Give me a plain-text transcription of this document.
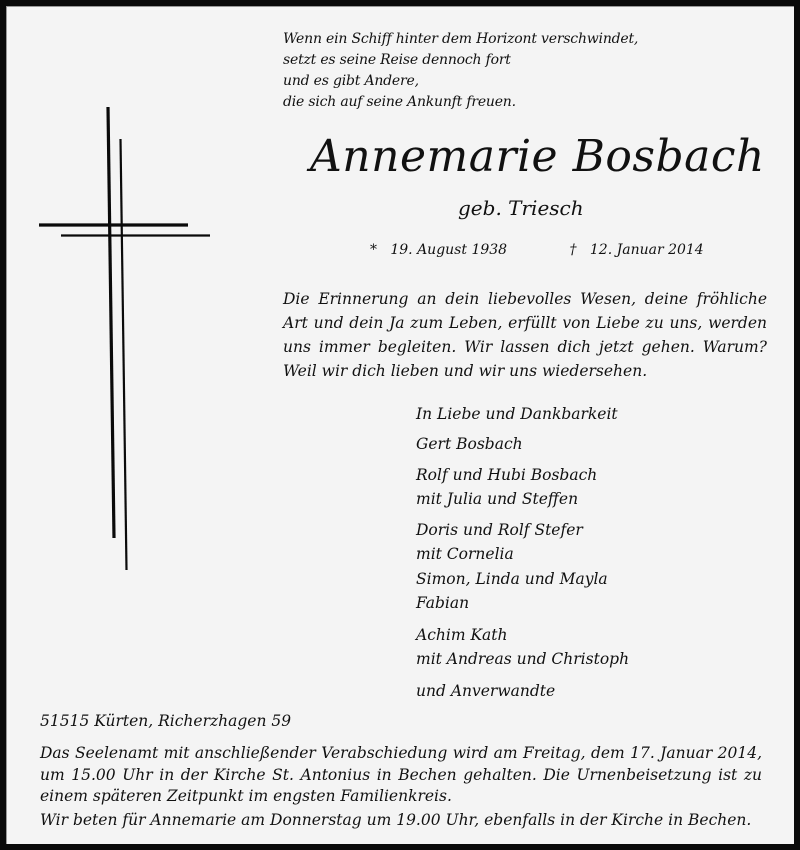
Wenn ein Schiff hinter dem Horizont verschwindet,
setzt es seine Reise dennoch fort
und es gibt Andere,
die sich auf seine Ankunft freuen.
Annemarie Bosbach
geb. Triesch
* 19. August 1938	† 12. Januar 2014
Die Erinnerung an dein liebevolles Wesen, deine fröhliche
Art und dein Ja zum Leben, erfüllt von Liebe zu uns, werden
uns immer begleiten. Wir lassen dich jetzt gehen. Warum?
Weil wir dich lieben und wir uns wiedersehen.
In Liebe und Dankbarkeit
Gert Bosbach
Rolf und Hubi Bosbach
mit Julia und Steffen
Doris und Rolf Stefer
mit Cornelia
Simon, Linda und Mayla
Fabian
Achim Kath
mit Andreas und Christoph
und Anverwandte
51515 Kürten, Richerzhagen 59
Das Seelenamt mit anschließender Verabschiedung wird am Freitag, dem 17. Januar 2014,
um 15.00 Uhr in der Kirche St. Antonius in Bechen gehalten. Die Urnenbeisetzung ist zu
einem späteren Zeitpunkt im engsten Familienkreis.
Wir beten für Annemarie am Donnerstag um 19.00 Uhr, ebenfalls in der Kirche in Bechen.
